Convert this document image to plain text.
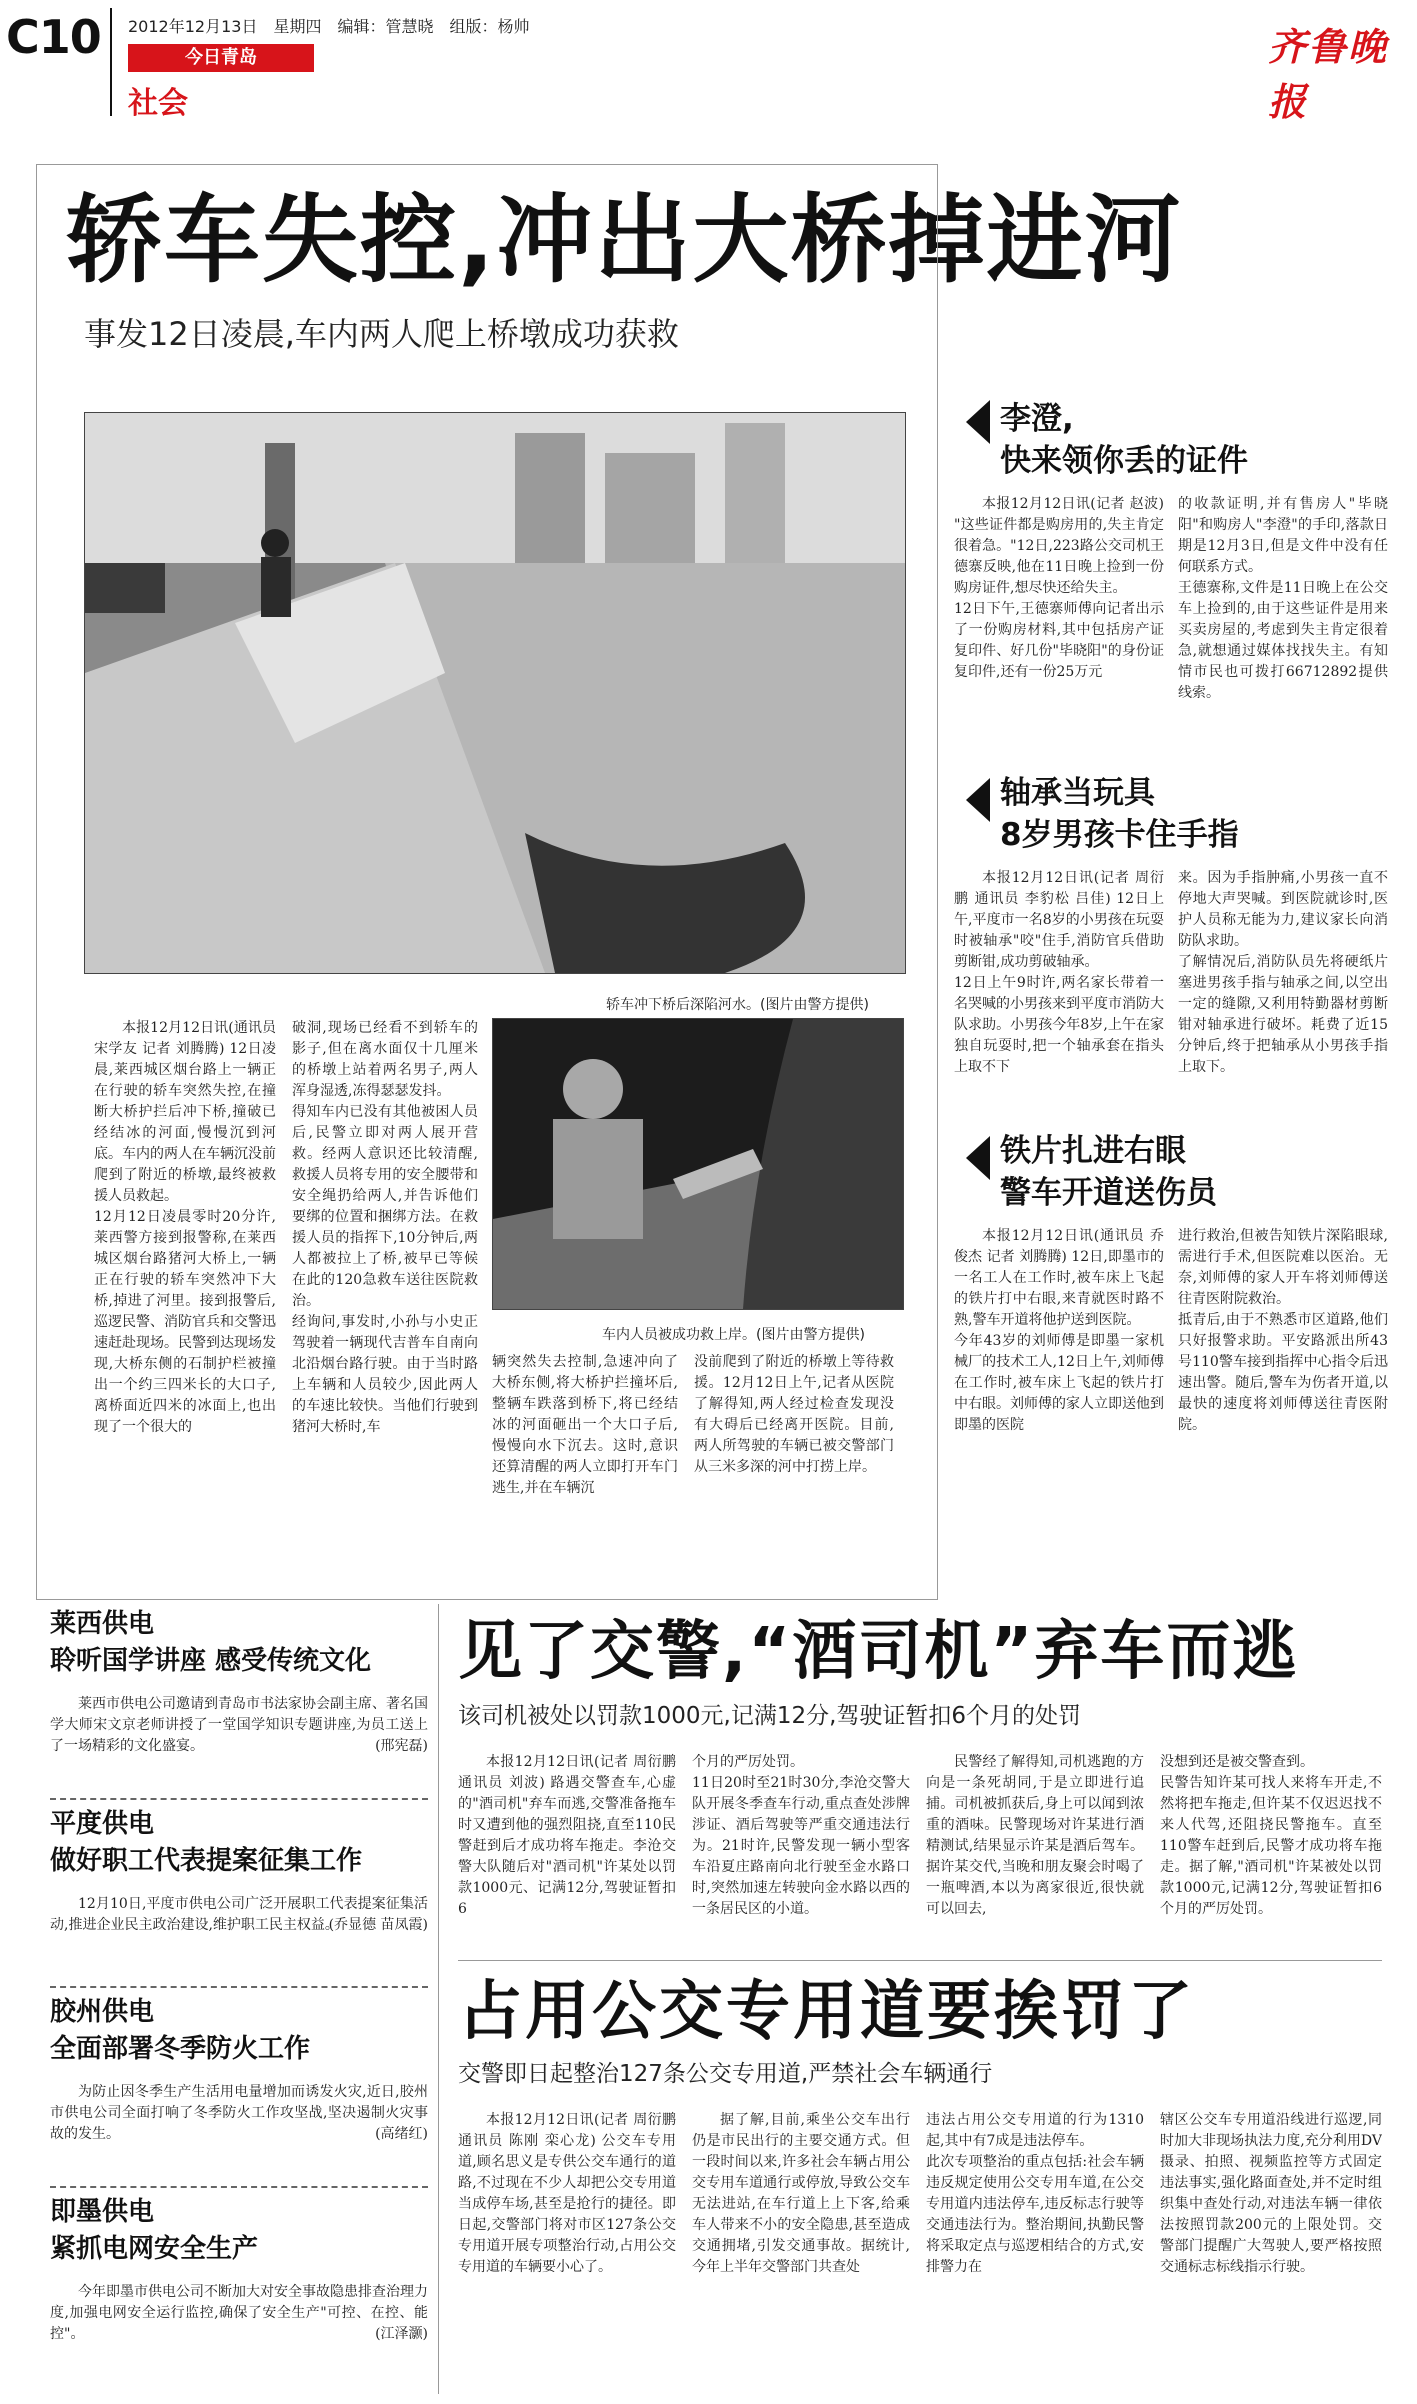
C10 2012年12月13日　星期四　编辑：管慧晓　组版：杨帅
今日青岛
社会
齐鲁晚报
轿车失控,冲出大桥掉进河
事发12日凌晨,车内两人爬上桥墩成功获救
轿车冲下桥后深陷河水。(图片由警方提供)
车内人员被成功救上岸。(图片由警方提供)

本报12月12日讯(通讯员 宋学友 记者 刘腾腾) 12日凌晨,莱西城区烟台路上一辆正在行驶的轿车突然失控,在撞断大桥护拦后冲下桥,撞破已经结冰的河面,慢慢沉到河底。车内的两人在车辆沉没前爬到了附近的桥墩,最终被救援人员救起。
12月12日凌晨零时20分许,莱西警方接到报警称,在莱西城区烟台路猪河大桥上,一辆正在行驶的轿车突然冲下大桥,掉进了河里。接到报警后,巡逻民警、消防官兵和交警迅速赶赴现场。民警到达现场发现,大桥东侧的石制护栏被撞出一个约三四米长的大口子,离桥面近四米的冰面上,也出现了一个很大的

破洞,现场已经看不到轿车的影子,但在离水面仅十几厘米的桥墩上站着两名男子,两人浑身湿透,冻得瑟瑟发抖。
得知车内已没有其他被困人员后,民警立即对两人展开营救。经两人意识还比较清醒,救援人员将专用的安全腰带和安全绳扔给两人,并告诉他们要绑的位置和捆绑方法。在救援人员的指挥下,10分钟后,两人都被拉上了桥,被早已等候在此的120急救车送往医院救治。
经询问,事发时,小孙与小史正驾驶着一辆现代吉普车自南向北沿烟台路行驶。由于当时路上车辆和人员较少,因此两人的车速比较快。当他们行驶到猪河大桥时,车

辆突然失去控制,急速冲向了大桥东侧,将大桥护拦撞坏后,整辆车跌落到桥下,将已经结冰的河面砸出一个大口子后,慢慢向水下沉去。这时,意识还算清醒的两人立即打开车门逃生,并在车辆沉

没前爬到了附近的桥墩上等待救援。12月12日上午,记者从医院了解得知,两人经过检查发现没有大碍后已经离开医院。目前,两人所驾驶的车辆已被交警部门从三米多深的河中打捞上岸。

李澄,
快来领你丢的证件

本报12月12日讯(记者 赵波) "这些证件都是购房用的,失主肯定很着急。"12日,223路公交司机王德寨反映,他在11日晚上捡到一份购房证件,想尽快还给失主。
12日下午,王德寨师傅向记者出示了一份购房材料,其中包括房产证复印件、好几份"毕晓阳"的身份证复印件,还有一份25万元

的收款证明,并有售房人"毕晓阳"和购房人"李澄"的手印,落款日期是12月3日,但是文件中没有任何联系方式。
王德寨称,文件是11日晚上在公交车上捡到的,由于这些证件是用来买卖房屋的,考虑到失主肯定很着急,就想通过媒体找找失主。有知情市民也可拨打66712892提供线索。

轴承当玩具
8岁男孩卡住手指

本报12月12日讯(记者 周衍鹏 通讯员 李豹松 吕佳) 12日上午,平度市一名8岁的小男孩在玩耍时被轴承"咬"住手,消防官兵借助剪断钳,成功剪破轴承。
12日上午9时许,两名家长带着一名哭喊的小男孩来到平度市消防大队求助。小男孩今年8岁,上午在家独自玩耍时,把一个轴承套在指头上取不下

来。因为手指肿痛,小男孩一直不停地大声哭喊。到医院就诊时,医护人员称无能为力,建议家长向消防队求助。
了解情况后,消防队员先将硬纸片塞进男孩手指与轴承之间,以空出一定的缝隙,又利用特勤器材剪断钳对轴承进行破坏。耗费了近15分钟后,终于把轴承从小男孩手指上取下。

铁片扎进右眼
警车开道送伤员

本报12月12日讯(通讯员 乔俊杰 记者 刘腾腾) 12日,即墨市的一名工人在工作时,被车床上飞起的铁片打中右眼,来青就医时路不熟,警车开道将他护送到医院。
今年43岁的刘师傅是即墨一家机械厂的技术工人,12日上午,刘师傅在工作时,被车床上飞起的铁片打中右眼。刘师傅的家人立即送他到即墨的医院

进行救治,但被告知铁片深陷眼球,需进行手术,但医院难以医治。无奈,刘师傅的家人开车将刘师傅送往青医附院救治。
抵青后,由于不熟悉市区道路,他们只好报警求助。平安路派出所43号110警车接到指挥中心指令后迅速出警。随后,警车为伤者开道,以最快的速度将刘师傅送往青医附院。

莱西供电
聆听国学讲座 感受传统文化

莱西市供电公司邀请到青岛市书法家协会副主席、著名国学大师宋文京老师讲授了一堂国学知识专题讲座,为员工送上了一场精彩的文化盛宴。	(邢宪磊)
平度供电
做好职工代表提案征集工作

12月10日,平度市供电公司广泛开展职工代表提案征集活动,推进企业民主政治建设,维护职工民主权益。

(乔显德 苗凤霞)
胶州供电
全面部署冬季防火工作

为防止因冬季生产生活用电量增加而诱发火灾,近日,胶州市供电公司全面打响了冬季防火工作攻坚战,坚决遏制火灾事故的发生。	(高绪红)
即墨供电
紧抓电网安全生产

今年即墨市供电公司不断加大对安全事故隐患排查治理力度,加强电网安全运行监控,确保了安全生产"可控、在控、能控"。	(江泽灏)
见了交警,“酒司机”弃车而逃
该司机被处以罚款1000元,记满12分,驾驶证暂扣6个月的处罚

本报12月12日讯(记者 周衍鹏 通讯员 刘波) 路遇交警查车,心虚的"酒司机"弃车而逃,交警准备拖车时又遭到他的强烈阻挠,直至110民警赶到后才成功将车拖走。李沧交警大队随后对"酒司机"许某处以罚款1000元、记满12分,驾驶证暂扣6

个月的严厉处罚。
11日20时至21时30分,李沧交警大队开展冬季查车行动,重点查处涉牌涉证、酒后驾驶等严重交通违法行为。21时许,民警发现一辆小型客车沿夏庄路南向北行驶至金水路口时,突然加速左转驶向金水路以西的一条居民区的小道。

民警经了解得知,司机逃跑的方向是一条死胡同,于是立即进行追捕。司机被抓获后,身上可以闻到浓重的酒味。民警现场对许某进行酒精测试,结果显示许某是酒后驾车。据许某交代,当晚和朋友聚会时喝了一瓶啤酒,本以为离家很近,很快就可以回去,

没想到还是被交警查到。
民警告知许某可找人来将车开走,不然将把车拖走,但许某不仅迟迟找不来人代驾,还阻挠民警拖车。直至110警车赶到后,民警才成功将车拖走。据了解,"酒司机"许某被处以罚款1000元,记满12分,驾驶证暂扣6个月的严厉处罚。

占用公交专用道要挨罚了
交警即日起整治127条公交专用道,严禁社会车辆通行

本报12月12日讯(记者 周衍鹏 通讯员 陈刚 栾心龙) 公交车专用道,顾名思义是专供公交车通行的道路,不过现在不少人却把公交专用道当成停车场,甚至是抢行的捷径。即日起,交警部门将对市区127条公交专用道开展专项整治行动,占用公交专用道的车辆要小心了。

据了解,目前,乘坐公交车出行仍是市民出行的主要交通方式。但一段时间以来,许多社会车辆占用公交专用车道通行或停放,导致公交车无法进站,在车行道上上下客,给乘车人带来不小的安全隐患,甚至造成交通拥堵,引发交通事故。据统计,今年上半年交警部门共查处

违法占用公交专用道的行为1310起,其中有7成是违法停车。
此次专项整治的重点包括:社会车辆违反规定使用公交专用车道,在公交专用道内违法停车,违反标志行驶等交通违法行为。整治期间,执勤民警将采取定点与巡逻相结合的方式,安排警力在

辖区公交车专用道沿线进行巡逻,同时加大非现场执法力度,充分利用DV摄录、拍照、视频监控等方式固定违法事实,强化路面查处,并不定时组织集中查处行动,对违法车辆一律依法按照罚款200元的上限处罚。交警部门提醒广大驾驶人,要严格按照交通标志标线指示行驶。
